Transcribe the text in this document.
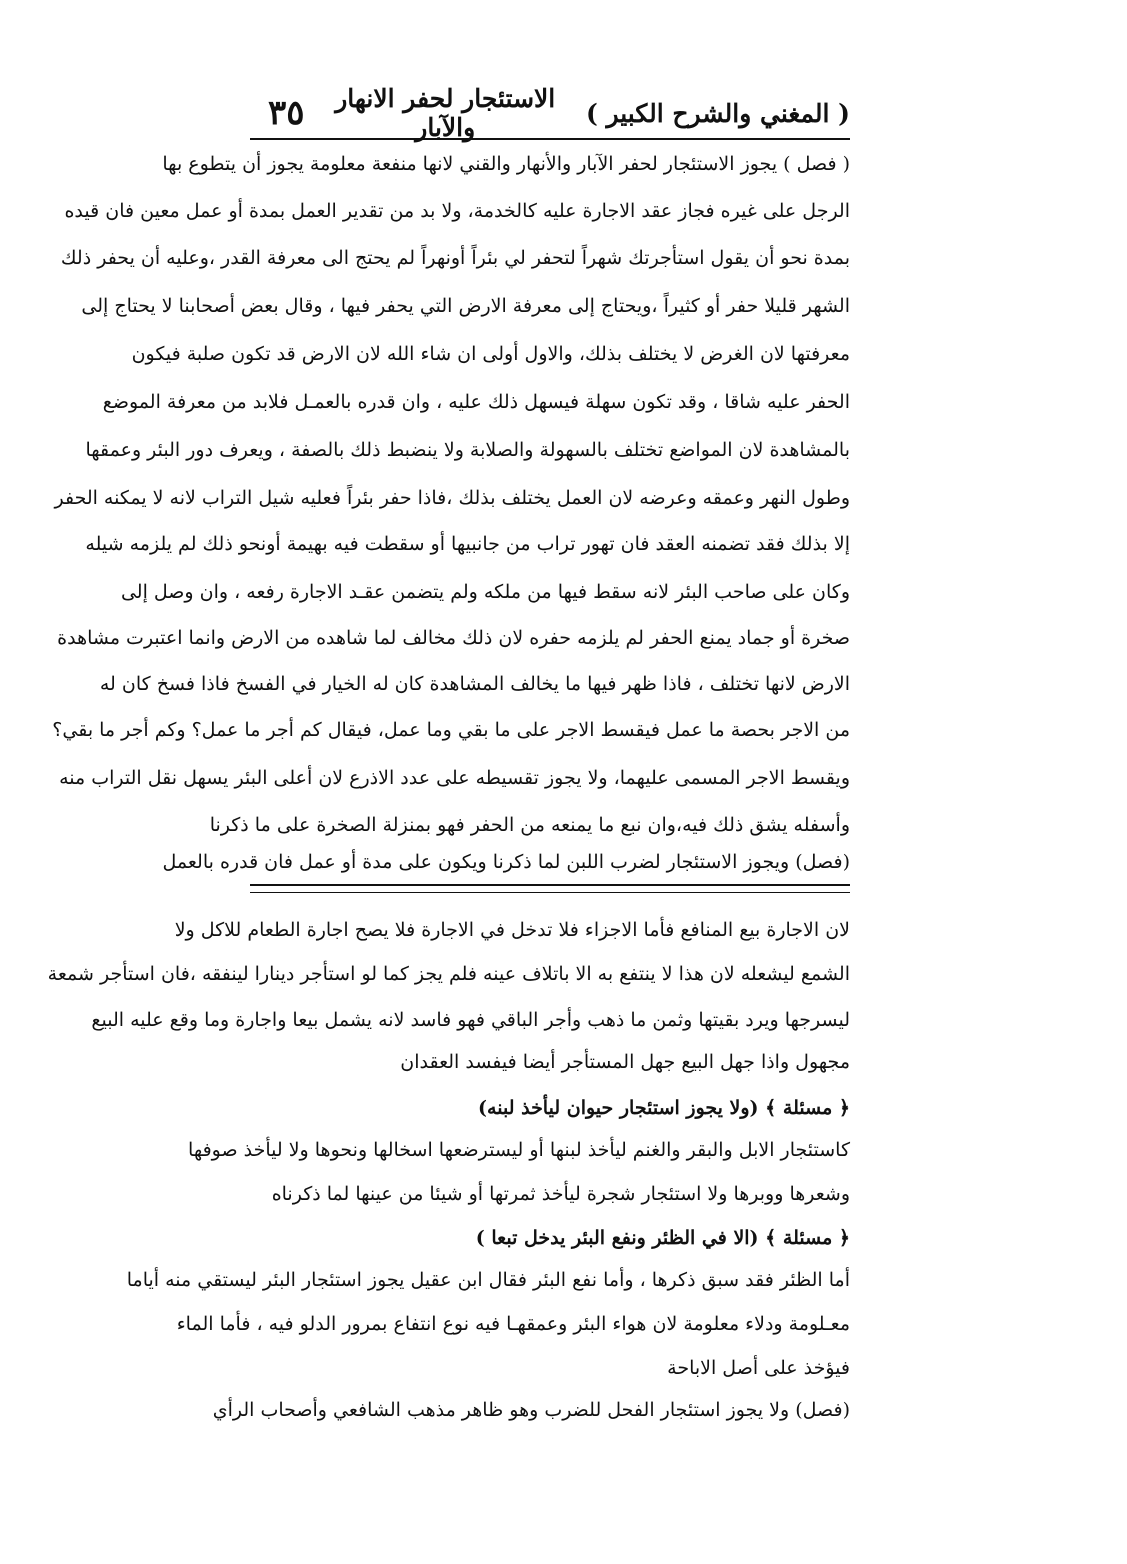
( المغني والشرح الكبير )
الاستئجار لحفر الانهار والآبار
٣٥
( فصل ) يجوز الاستئجار لحفر الآبار والأنهار والقني لانها منفعة معلومة يجوز أن يتطوع بها
الرجل على غيره فجاز عقد الاجارة عليه كالخدمة، ولا بد من تقدير العمل بمدة أو عمل معين فان قيده
بمدة نحو أن يقول استأجرتك شهراً لتحفر لي بئراً أونهراً لم يحتج الى معرفة القدر ،وعليه أن يحفر ذلك
الشهر قليلا حفر أو كثيراً ،ويحتاج إلى معرفة الارض التي يحفر فيها ، وقال بعض أصحابنا لا يحتاج إلى
معرفتها لان الغرض لا يختلف بذلك، والاول أولى ان شاء الله لان الارض قد تكون صلبة فيكون
الحفر عليه شاقا ، وقد تكون سهلة فيسهل ذلك عليه ، وان قدره بالعمـل فلابد من معرفة الموضع
بالمشاهدة لان المواضع تختلف بالسهولة والصلابة ولا ينضبط ذلك بالصفة ، ويعرف دور البئر وعمقها
وطول النهر وعمقه وعرضه لان العمل يختلف بذلك ،فاذا حفر بئراً فعليه شيل التراب لانه لا يمكنه الحفر
إلا بذلك فقد تضمنه العقد فان تهور تراب من جانبيها أو سقطت فيه بهيمة أونحو ذلك لم يلزمه شيله
وكان على صاحب البئر لانه سقط فيها من ملكه ولم يتضمن عقـد الاجارة رفعه ، وان وصل إلى
صخرة أو جماد يمنع الحفر لم يلزمه حفره لان ذلك مخالف لما شاهده من الارض وانما اعتبرت مشاهدة
الارض لانها تختلف ، فاذا ظهر فيها ما يخالف المشاهدة كان له الخيار في الفسخ فاذا فسخ كان له
من الاجر بحصة ما عمل فيقسط الاجر على ما بقي وما عمل، فيقال كم أجر ما عمل؟ وكم أجر ما بقي؟
ويقسط الاجر المسمى عليهما، ولا يجوز تقسيطه على عدد الاذرع لان أعلى البئر يسهل نقل التراب منه
وأسفله يشق ذلك فيه،وان نبع ما يمنعه من الحفر فهو بمنزلة الصخرة على ما ذكرنا
(فصل) ويجوز الاستئجار لضرب اللبن لما ذكرنا ويكون على مدة أو عمل فان قدره بالعمل
لان الاجارة بيع المنافع فأما الاجزاء فلا تدخل في الاجارة فلا يصح اجارة الطعام للاكل ولا
الشمع ليشعله لان هذا لا ينتفع به الا باتلاف عينه فلم يجز كما لو استأجر دينارا لينفقه ،فان استأجر شمعة
ليسرجها ويرد بقيتها وثمن ما ذهب وأجر الباقي فهو فاسد لانه يشمل بيعا واجارة وما وقع عليه البيع
مجهول واذا جهل البيع جهل المستأجر أيضا فيفسد العقدان
﴿ مسئلة ﴾ (ولا يجوز استئجار حيوان ليأخذ لبنه)
كاستئجار الابل والبقر والغنم ليأخذ لبنها أو ليسترضعها اسخالها ونحوها ولا ليأخذ صوفها
وشعرها ووبرها ولا استئجار شجرة ليأخذ ثمرتها أو شيئا من عينها لما ذكرناه
﴿ مسئلة ﴾ (الا في الظئر ونفع البئر يدخل تبعا )
أما الظئر فقد سبق ذكرها ، وأما نفع البئر فقال ابن عقيل يجوز استئجار البئر ليستقي منه أياما
معـلومة ودلاء معلومة لان هواء البئر وعمقهـا فيه نوع انتفاع بمرور الدلو فيه ، فأما الماء
فيؤخذ على أصل الاباحة
(فصل) ولا يجوز استئجار الفحل للضرب وهو ظاهر مذهب الشافعي وأصحاب الرأي
